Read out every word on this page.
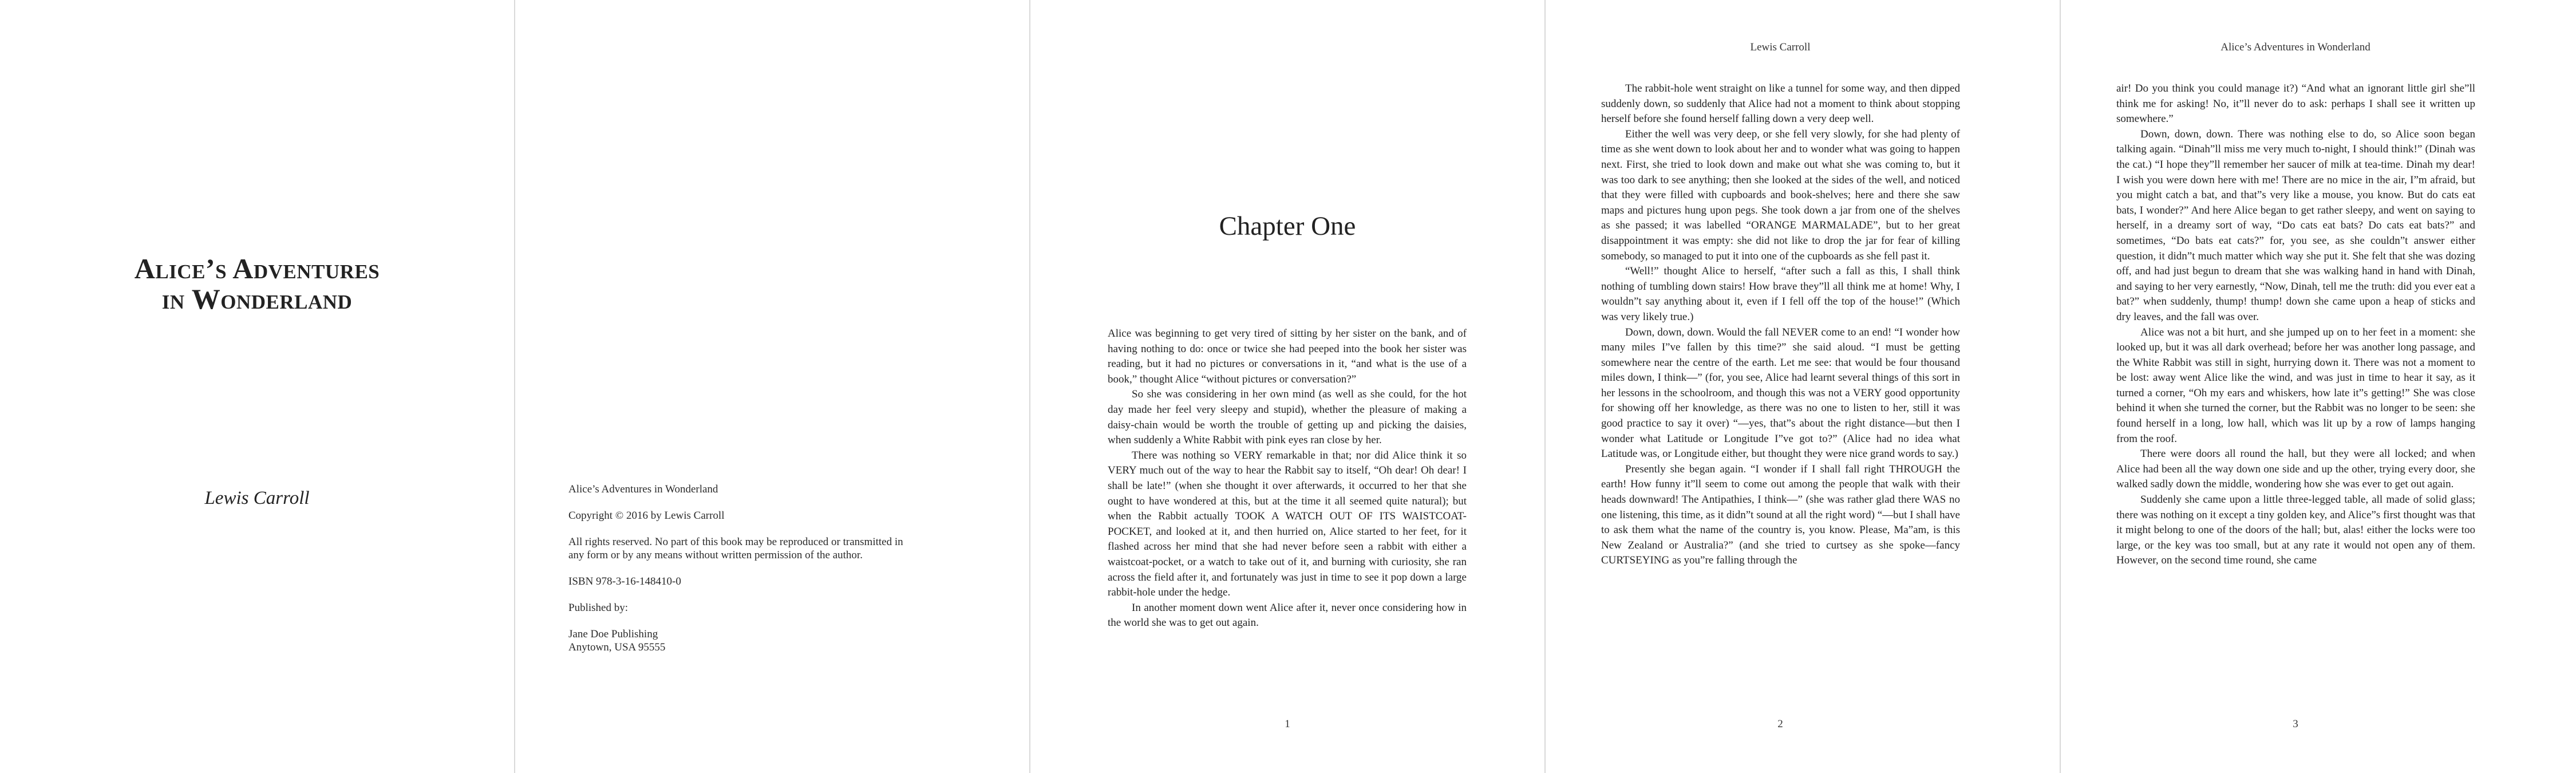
Alice’s Adventures
in Wonderland
Lewis Carroll	Alice’s Adventures in Wonderland

Copyright © 2016 by Lewis Carroll

All rights reserved. No part of this book may be reproduced or transmitted in any form or by any means without written permission of the author.

ISBN 978-3-16-148410-0

Published by:

Jane Doe Publishing

Anytown, USA 95555

Chapter One

Alice was beginning to get very tired of sitting by her sister on the bank, and of having nothing to do: once or twice she had peeped into the book her sister was reading, but it had no pictures or conversations in it, “and what is the use of a book,” thought Alice “without pictures or conversation?”

So she was considering in her own mind (as well as she could, for the hot day made her feel very sleepy and stupid), whether the pleasure of making a daisy-chain would be worth the trouble of getting up and picking the daisies, when suddenly a White Rabbit with pink eyes ran close by her.

There was nothing so VERY remarkable in that; nor did Alice think it so VERY much out of the way to hear the Rabbit say to itself, “Oh dear! Oh dear! I shall be late!” (when she thought it over afterwards, it occurred to her that she ought to have wondered at this, but at the time it all seemed quite natural); but when the Rabbit actually TOOK A WATCH OUT OF ITS WAISTCOAT-POCKET, and looked at it, and then hurried on, Alice started to her feet, for it flashed across her mind that she had never before seen a rabbit with either a waistcoat-pocket, or a watch to take out of it, and burning with curiosity, she ran across the field after it, and fortunately was just in time to see it pop down a large rabbit-hole under the hedge.

In another moment down went Alice after it, never once considering how in the world she was to get out again.

1
Lewis Carroll

The rabbit-hole went straight on like a tunnel for some way, and then dipped suddenly down, so suddenly that Alice had not a moment to think about stopping herself before she found herself falling down a very deep well.

Either the well was very deep, or she fell very slowly, for she had plenty of time as she went down to look about her and to wonder what was going to happen next. First, she tried to look down and make out what she was coming to, but it was too dark to see anything; then she looked at the sides of the well, and noticed that they were filled with cupboards and book-shelves; here and there she saw maps and pictures hung upon pegs. She took down a jar from one of the shelves as she passed; it was labelled “ORANGE MARMALADE”, but to her great disappointment it was empty: she did not like to drop the jar for fear of killing somebody, so managed to put it into one of the cupboards as she fell past it.

“Well!” thought Alice to herself, “after such a fall as this, I shall think nothing of tumbling down stairs! How brave they”ll all think me at home! Why, I wouldn”t say anything about it, even if I fell off the top of the house!” (Which was very likely true.)

Down, down, down. Would the fall NEVER come to an end! “I wonder how many miles I”ve fallen by this time?” she said aloud. “I must be getting somewhere near the centre of the earth. Let me see: that would be four thousand miles down, I think—” (for, you see, Alice had learnt several things of this sort in her lessons in the schoolroom, and though this was not a VERY good opportunity for showing off her knowledge, as there was no one to listen to her, still it was good practice to say it over) “—yes, that”s about the right distance—but then I wonder what Latitude or Longitude I”ve got to?” (Alice had no idea what Latitude was, or Longitude either, but thought they were nice grand words to say.)

Presently she began again. “I wonder if I shall fall right THROUGH the earth! How funny it”ll seem to come out among the people that walk with their heads downward! The Antipathies, I think—” (she was rather glad there WAS no one listening, this time, as it didn”t sound at all the right word) “—but I shall have to ask them what the name of the country is, you know. Please, Ma”am, is this New Zealand or Australia?” (and she tried to curtsey as she spoke—fancy CURTSEYING as you”re falling through the

2
Alice’s Adventures in Wonderland

air! Do you think you could manage it?) “And what an ignorant little girl she”ll think me for asking! No, it”ll never do to ask: perhaps I shall see it written up somewhere.”

Down, down, down. There was nothing else to do, so Alice soon began talking again. “Dinah”ll miss me very much to-night, I should think!” (Dinah was the cat.) “I hope they”ll remember her saucer of milk at tea-time. Dinah my dear! I wish you were down here with me! There are no mice in the air, I”m afraid, but you might catch a bat, and that”s very like a mouse, you know. But do cats eat bats, I wonder?” And here Alice began to get rather sleepy, and went on saying to herself, in a dreamy sort of way, “Do cats eat bats? Do cats eat bats?” and sometimes, “Do bats eat cats?” for, you see, as she couldn”t answer either question, it didn”t much matter which way she put it. She felt that she was dozing off, and had just begun to dream that she was walking hand in hand with Dinah, and saying to her very earnestly, “Now, Dinah, tell me the truth: did you ever eat a bat?” when suddenly, thump! thump! down she came upon a heap of sticks and dry leaves, and the fall was over.

Alice was not a bit hurt, and she jumped up on to her feet in a moment: she looked up, but it was all dark overhead; before her was another long passage, and the White Rabbit was still in sight, hurrying down it. There was not a moment to be lost: away went Alice like the wind, and was just in time to hear it say, as it turned a corner, “Oh my ears and whiskers, how late it”s getting!” She was close behind it when she turned the corner, but the Rabbit was no longer to be seen: she found herself in a long, low hall, which was lit up by a row of lamps hanging from the roof.

There were doors all round the hall, but they were all locked; and when Alice had been all the way down one side and up the other, trying every door, she walked sadly down the middle, wondering how she was ever to get out again.

Suddenly she came upon a little three-legged table, all made of solid glass; there was nothing on it except a tiny golden key, and Alice”s first thought was that it might belong to one of the doors of the hall; but, alas! either the locks were too large, or the key was too small, but at any rate it would not open any of them. However, on the second time round, she came

3
